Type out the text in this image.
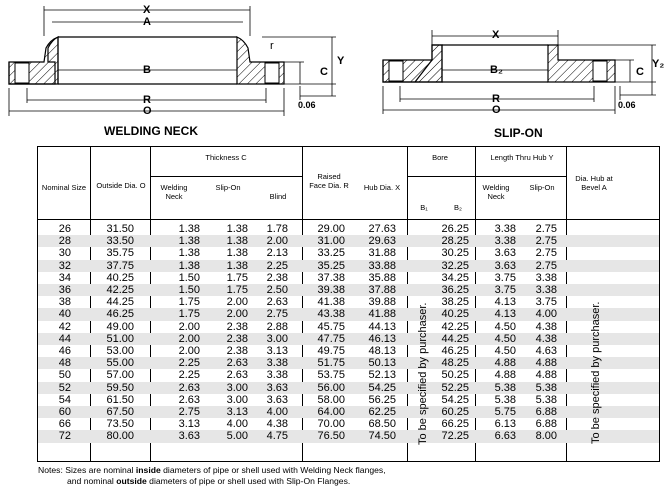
X
A
B
R
O
C
Y
r
0.06
WELDING NECK
X
B₂
R
O
C
Y₂
0.06
SLIP-ON
Nominal Size Outside Dia. O
Thickness C
Welding Neck
Slip-On
Blind
Raised Face Dia. R Hub Dia. X
Bore
B₁	B₂
Length Thru Hub Y
Welding Neck
Slip-On
Dia. Hub at Bevel A
26	31.50	1.38 1.38 1.78	29.00 27.63	26.25 3.38 2.75
28	33.50	1.38 1.38 2.00	31.00 29.63	28.25 3.38 2.75
30	35.75	1.38 1.38 2.13	33.25 31.88	30.25 3.63 2.75
32	37.75	1.38 1.38 2.25	35.25 33.88	32.25 3.63 2.75
34	40.25	1.50 1.75 2.38	37.38 35.88	34.25 3.75 3.38
36	42.25	1.50 1.75 2.50	39.38 37.88	36.25 3.75 3.38
38	44.25	1.75 2.00 2.63	41.38 39.88	38.25 4.13 3.75
40	46.25	1.75 2.00 2.75	43.38 41.88	40.25 4.13 4.00
42	49.00	2.00 2.38 2.88	45.75 44.13	42.25 4.50 4.38
44	51.00	2.00 2.38 3.00	47.75 46.13	44.25 4.50 4.38
46	53.00	2.00 2.38 3.13	49.75 48.13	46.25 4.50 4.63
48	55.00	2.25 2.63 3.38	51.75 50.13	48.25 4.88 4.88
50	57.00	2.25 2.63 3.38	53.75 52.13	50.25 4.88 4.88
52	59.50	2.63 3.00 3.63	56.00 54.25	52.25 5.38 5.38
54	61.50	2.63 3.00 3.63	58.00 56.25	54.25 5.38 5.38
60	67.50	2.75 3.13 4.00	64.00 62.25	60.25 5.75 6.88
66	73.50	3.13 4.00 4.38	70.00 68.50	66.25 6.13 6.88
72	80.00	3.63 5.00 4.75	76.50 74.50	72.25 6.63 8.00
To be specified by purchaser.	To be specified by purchaser.
Notes: Sizes are nominal inside diameters of pipe or shell used with Welding Neck flanges,
and nominal outside diameters of pipe or shell used with Slip-On Flanges.
